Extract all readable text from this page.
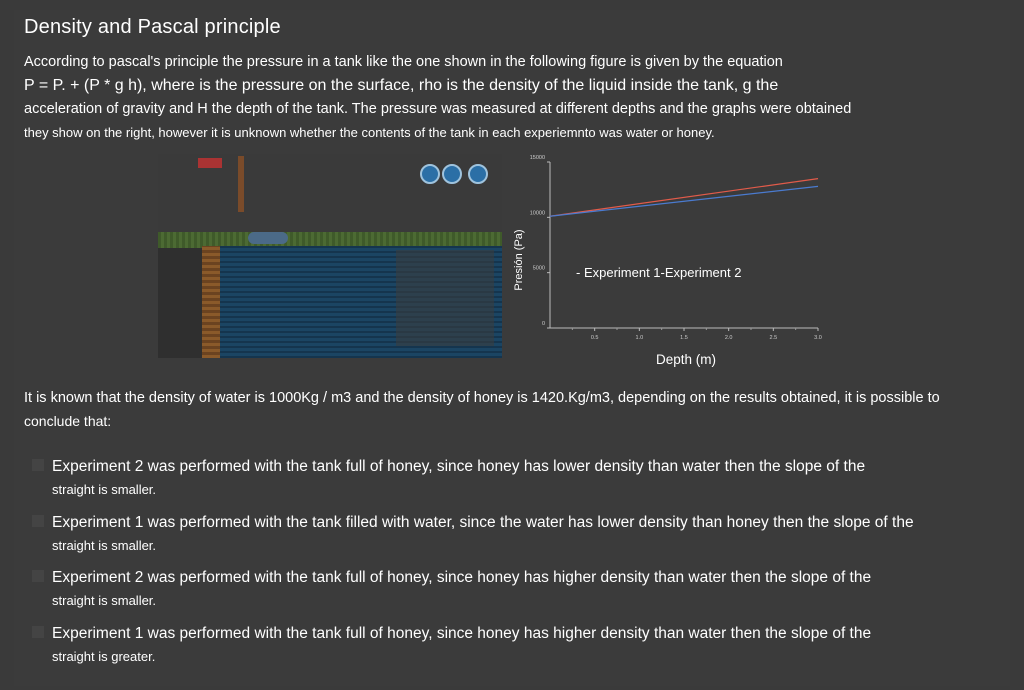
Density and Pascal principle
According to pascal's principle the pressure in a tank like the one shown in the following figure is given by the equation
P = P. + (P * g h), where is the pressure on the surface, rho is the density of the liquid inside the tank, g the
acceleration of gravity and H the depth of the tank. The pressure was measured at different depths and the graphs were obtained
they show on the right, however it is unknown whether the contents of the tank in each experiemnto was water or honey.
0
5000
10000
15000
0.5	1.0	1.5	2.0	2.5	3.0
Presión (Pa)	- Experiment 1-Experiment 2
Depth (m)
It is known that the density of water is 1000Kg / m3 and the density of honey is 1420.Kg/m3, depending on the results obtained, it is possible to
conclude that:
Experiment 2 was performed with the tank full of honey, since honey has lower density than water then the slope of the
straight is smaller.
Experiment 1 was performed with the tank filled with water, since the water has lower density than honey then the slope of the
straight is smaller.
Experiment 2 was performed with the tank full of honey, since honey has higher density than water then the slope of the
straight is smaller.
Experiment 1 was performed with the tank full of honey, since honey has higher density than water then the slope of the
straight is greater.
